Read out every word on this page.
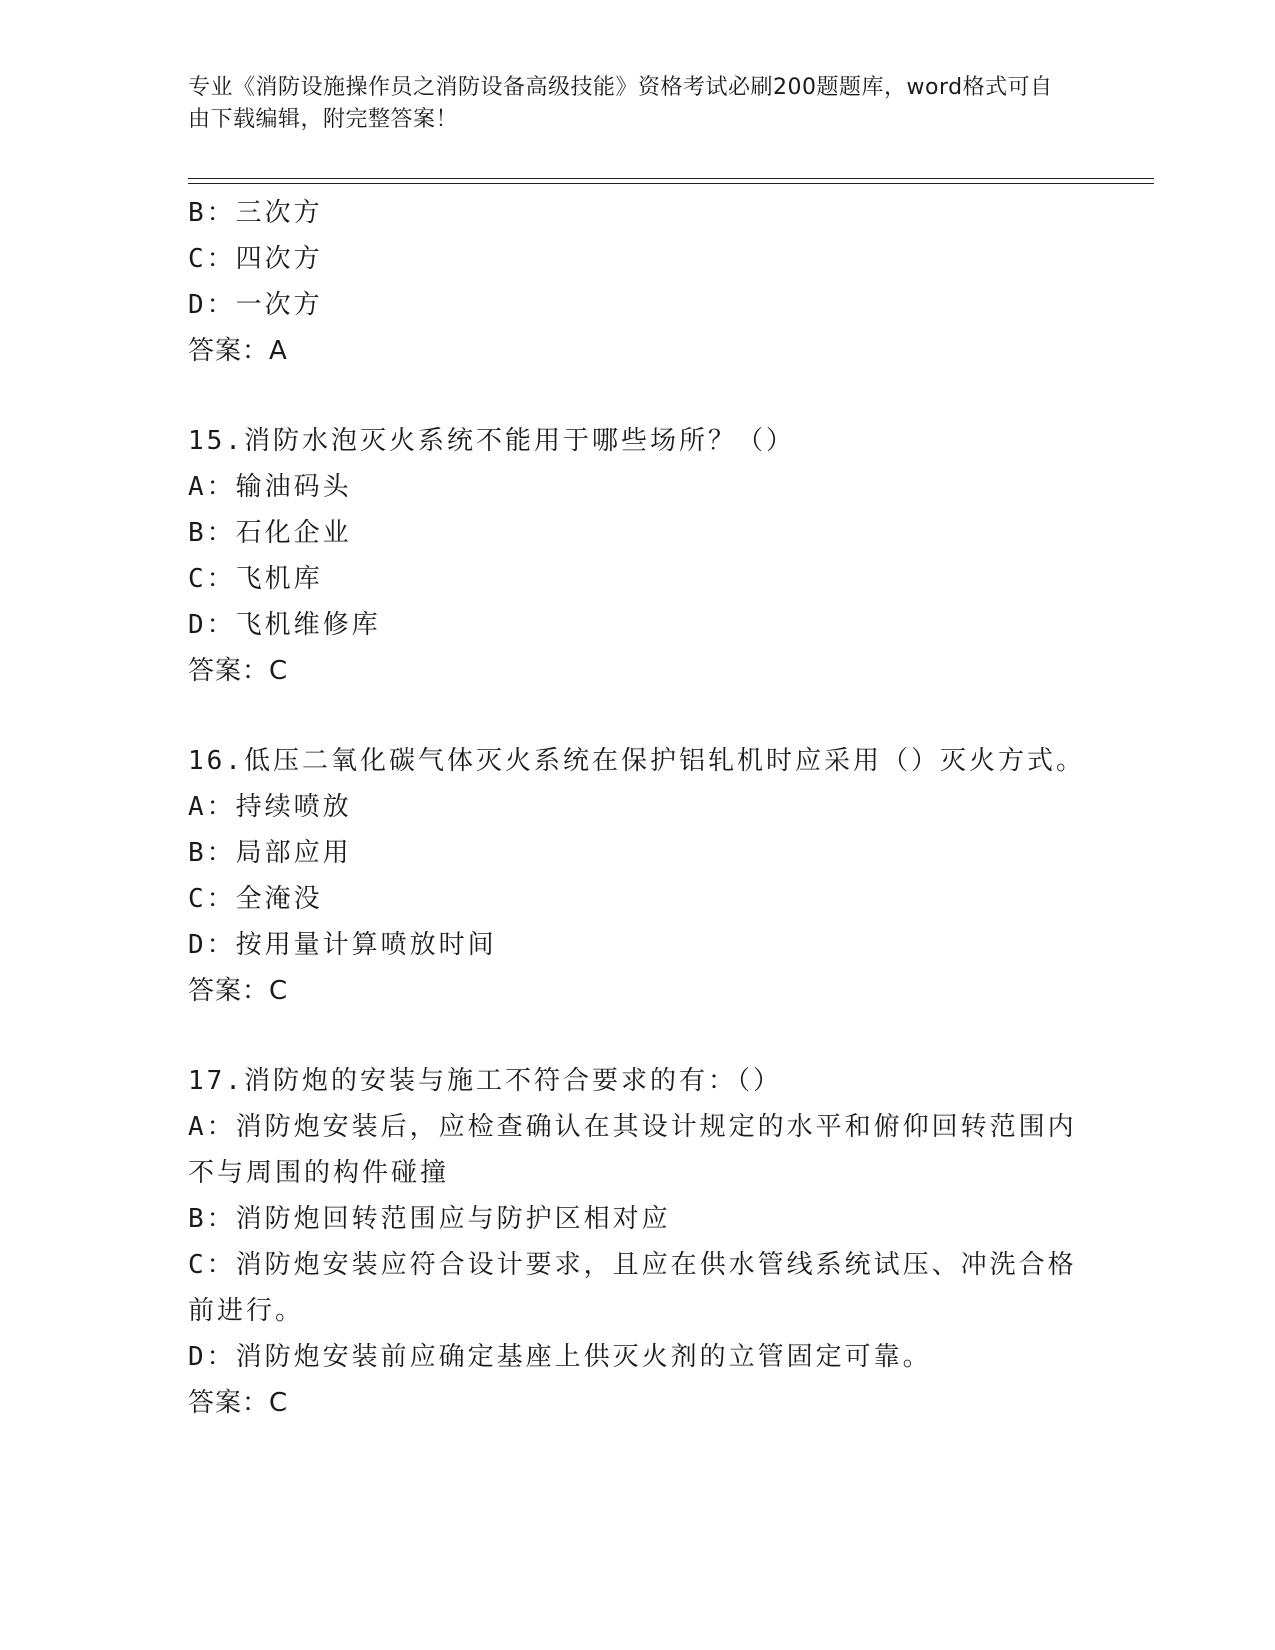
专业《消防设施操作员之消防设备高级技能》资格考试必刷200题题库，word格式可自由下载编辑，附完整答案！
B：三次方
C：四次方
D：一次方
答案：A
15.消防水泡灭火系统不能用于哪些场所？（）
A：输油码头
B：石化企业
C：飞机库
D：飞机维修库
答案：C
16.低压二氧化碳气体灭火系统在保护铝轧机时应采用（）灭火方式。
A：持续喷放
B：局部应用
C：全淹没
D：按用量计算喷放时间
答案：C
17.消防炮的安装与施工不符合要求的有：（）
A：消防炮安装后，应检查确认在其设计规定的水平和俯仰回转范围内不与周围的构件碰撞
B：消防炮回转范围应与防护区相对应
C：消防炮安装应符合设计要求，且应在供水管线系统试压、冲洗合格前进行。
D：消防炮安装前应确定基座上供灭火剂的立管固定可靠。
答案：C
